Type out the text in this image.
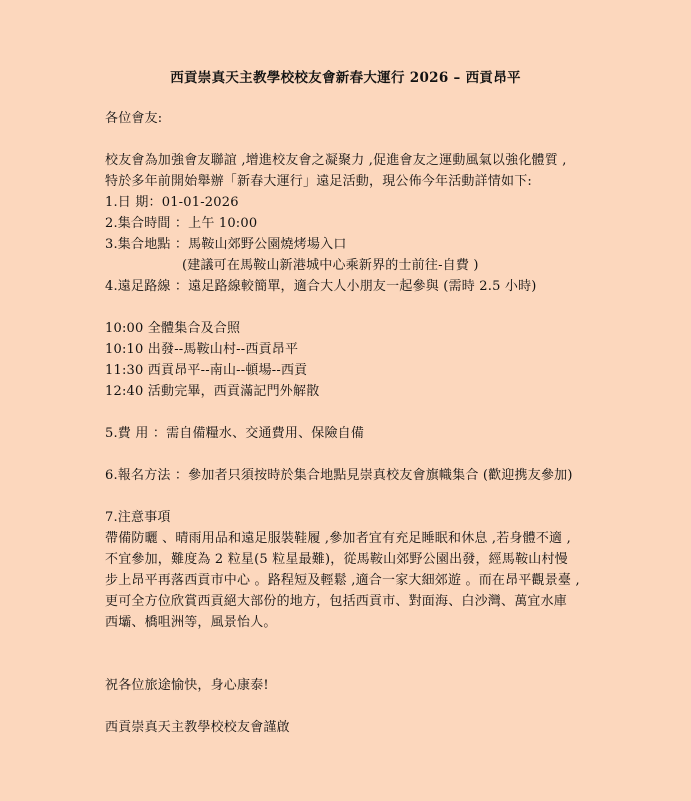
西貢崇真天主教學校校友會新春大運行 2026 – 西貢昂平
各位會友:
校友會為加強會友聯誼 ,增進校友會之凝聚力 ,促進會友之運動風氣以強化體質 ,
特於多年前開始舉辦「新春大運行」遠足活動，現公佈今年活動詳情如下:
1.日 期：01-01-2026
2.集合時間 ：上午 10:00
3.集合地點 ：馬鞍山郊野公園燒烤場入口
(建議可在馬鞍山新港城中心乘新界的士前往-自費 )
4.遠足路線 ：遠足路線較簡單，適合大人小朋友一起參與 (需時 2.5 小時)
10:00 全體集合及合照
10:10 出發--馬鞍山村--西貢昂平
11:30 西貢昂平--南山--頓場--西貢
12:40 活動完畢，西貢滿記門外解散
5.費 用 ：需自備糧水、交通費用、保險自備
6.報名方法 ：參加者只須按時於集合地點見崇真校友會旗幟集合 (歡迎携友參加)
7.注意事項
帶備防曬 、晴雨用品和遠足服裝鞋履 ,參加者宜有充足睡眠和休息 ,若身體不適 ,
不宜參加，難度為 2 粒星(5 粒星最難)，從馬鞍山郊野公園出發，經馬鞍山村慢
步上昂平再落西貢市中心 。路程短及輕鬆 ,適合一家大細郊遊 。而在昂平觀景臺 ,
更可全方位欣賞西貢絕大部份的地方，包括西貢市、對面海、白沙灣、萬宜水庫
西壩、橋咀洲等，風景怡人。
祝各位旅途愉快，身心康泰!
西貢崇真天主教學校校友會謹啟
